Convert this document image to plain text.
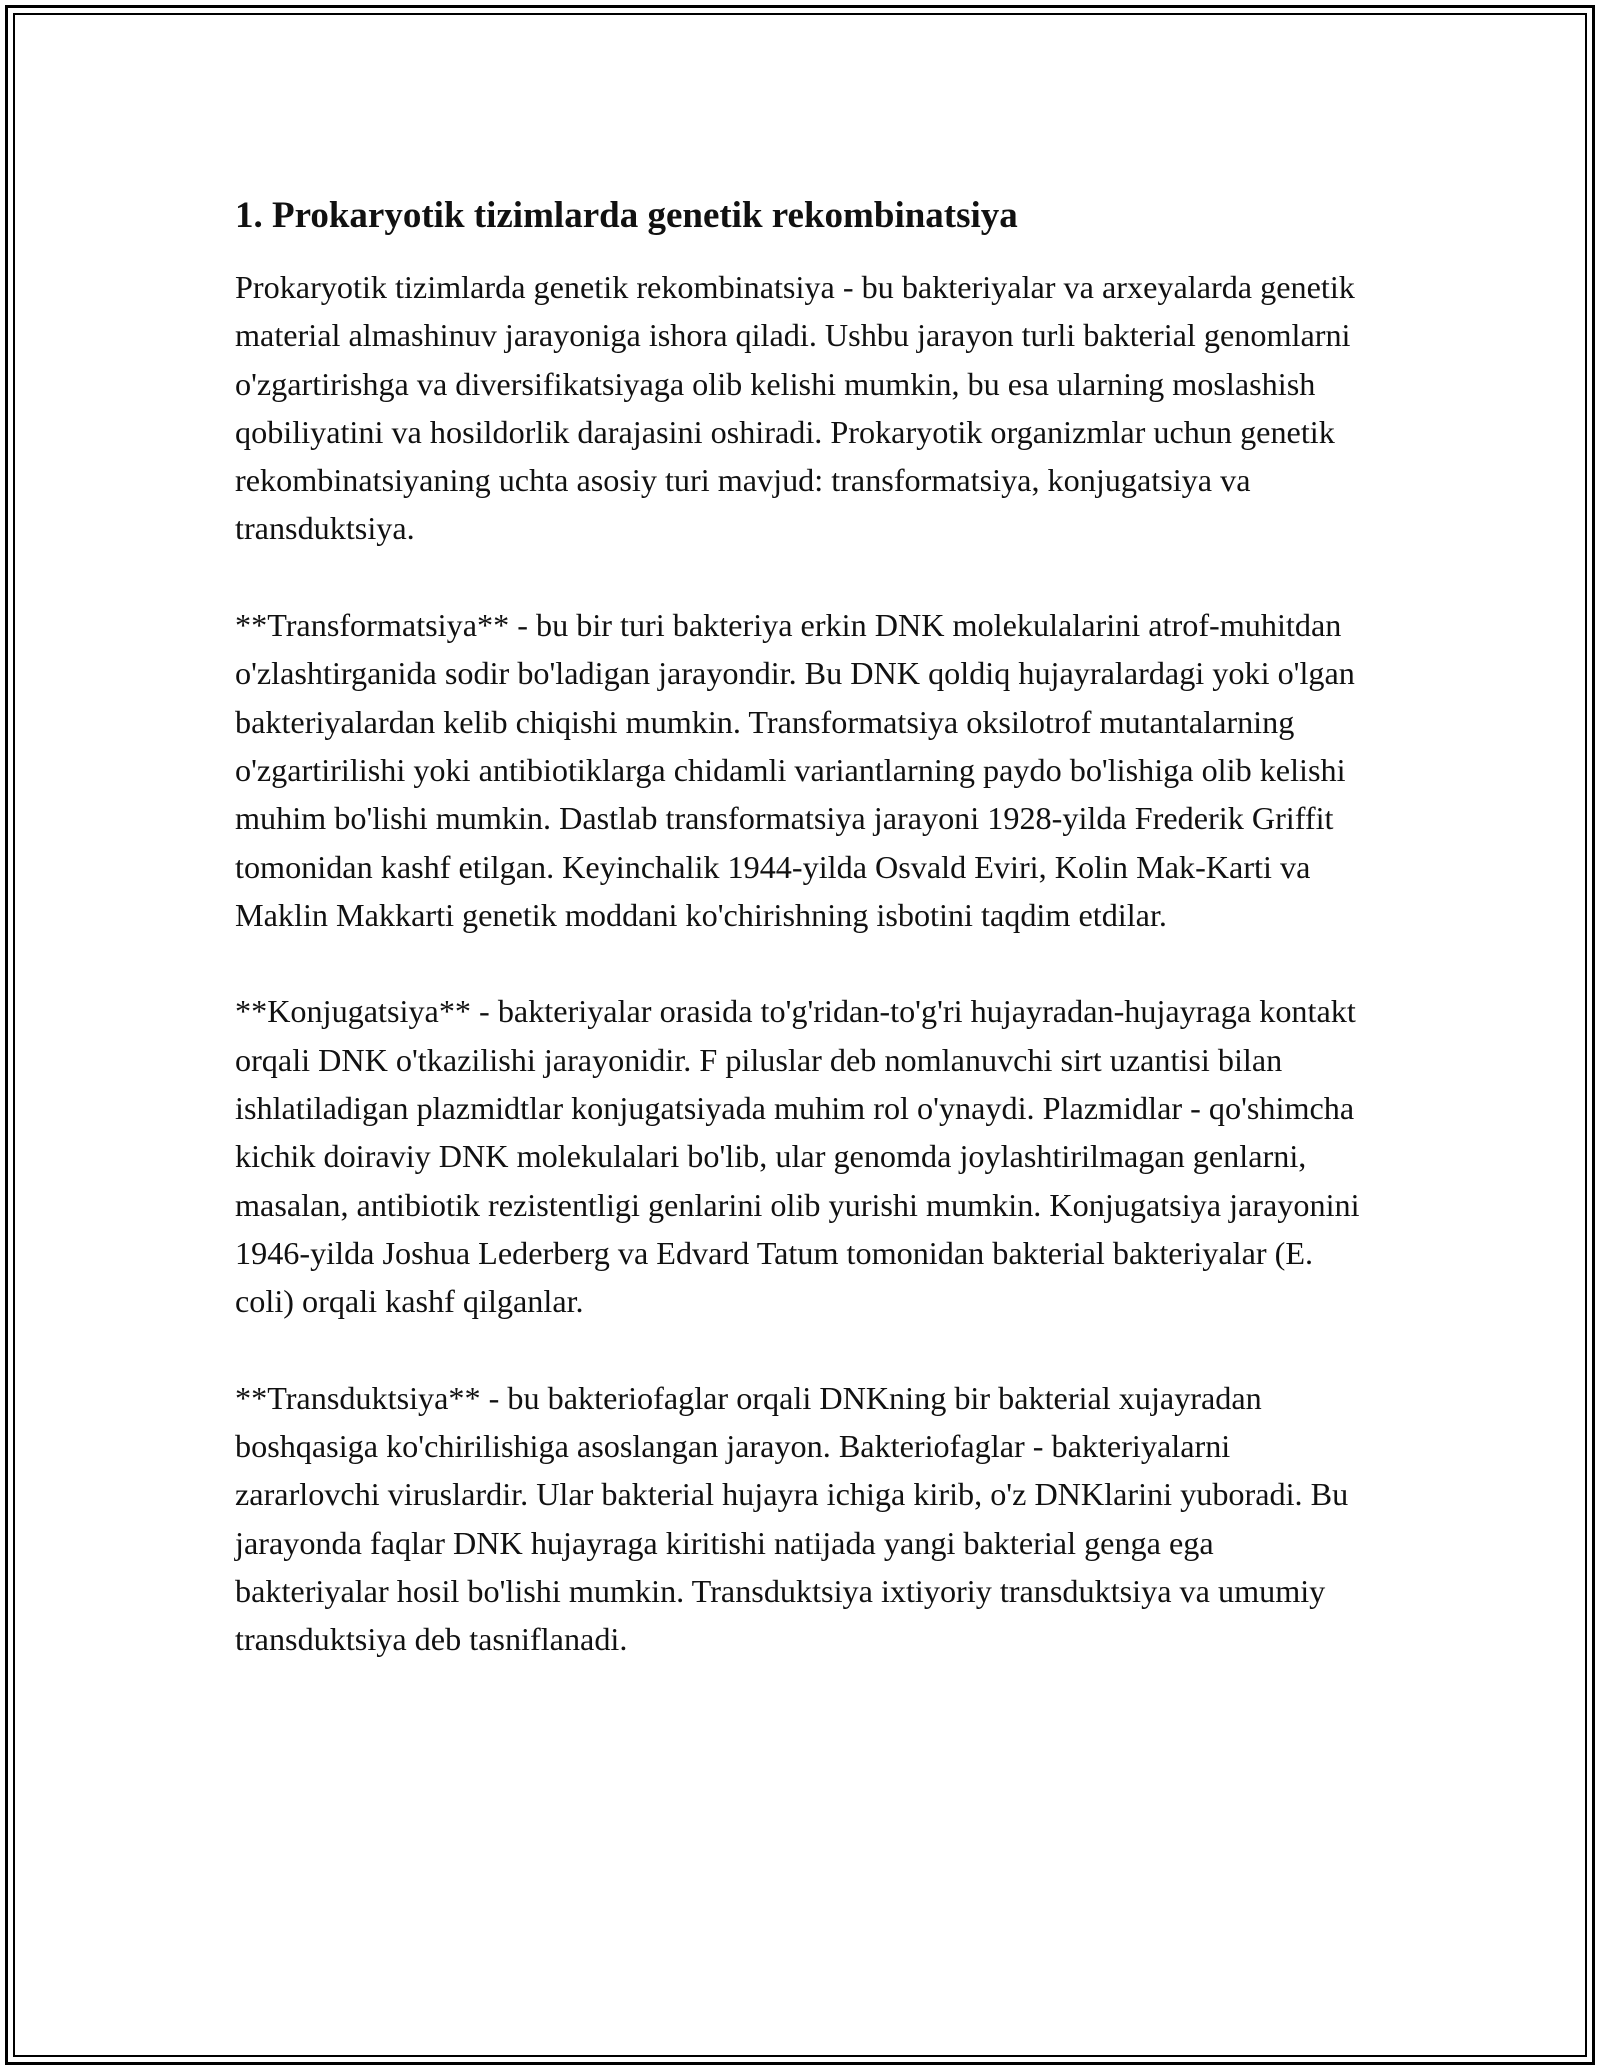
1. Prokaryotik tizimlarda genetik rekombinatsiya

Prokaryotik tizimlarda genetik rekombinatsiya - bu bakteriyalar va arxeyalarda genetik material almashinuv jarayoniga ishora qiladi. Ushbu jarayon turli bakterial genomlarni o'zgartirishga va diversifikatsiyaga olib kelishi mumkin, bu esa ularning moslashish qobiliyatini va hosildorlik darajasini oshiradi. Prokaryotik organizmlar uchun genetik rekombinatsiyaning uchta asosiy turi mavjud: transformatsiya, konjugatsiya va transduktsiya.

**Transformatsiya** - bu bir turi bakteriya erkin DNK molekulalarini atrof-muhitdan o'zlashtirganida sodir bo'ladigan jarayondir. Bu DNK qoldiq hujayralardagi yoki o'lgan bakteriyalardan kelib chiqishi mumkin. Transformatsiya oksilotrof mutantalarning o'zgartirilishi yoki antibiotiklarga chidamli variantlarning paydo bo'lishiga olib kelishi muhim bo'lishi mumkin. Dastlab transformatsiya jarayoni 1928-yilda Frederik Griffit tomonidan kashf etilgan. Keyinchalik 1944-yilda Osvald Eviri, Kolin Mak-Karti va Maklin Makkarti genetik moddani ko'chirishning isbotini taqdim etdilar.

**Konjugatsiya** - bakteriyalar orasida to'g'ridan-to'g'ri hujayradan-hujayraga kontakt orqali DNK o'tkazilishi jarayonidir. F piluslar deb nomlanuvchi sirt uzantisi bilan ishlatiladigan plazmidtlar konjugatsiyada muhim rol o'ynaydi. Plazmidlar - qo'shimcha kichik doiraviy DNK molekulalari bo'lib, ular genomda joylashtirilmagan genlarni, masalan, antibiotik rezistentligi genlarini olib yurishi mumkin. Konjugatsiya jarayonini 1946-yilda Joshua Lederberg va Edvard Tatum tomonidan bakterial bakteriyalar (E. coli) orqali kashf qilganlar.

**Transduktsiya** - bu bakteriofaglar orqali DNKning bir bakterial xujayradan boshqasiga ko'chirilishiga asoslangan jarayon. Bakteriofaglar - bakteriyalarni zararlovchi viruslardir. Ular bakterial hujayra ichiga kirib, o'z DNKlarini yuboradi. Bu jarayonda faqlar DNK hujayraga kiritishi natijada yangi bakterial genga ega bakteriyalar hosil bo'lishi mumkin. Transduktsiya ixtiyoriy transduktsiya va umumiy transduktsiya deb tasniflanadi.
